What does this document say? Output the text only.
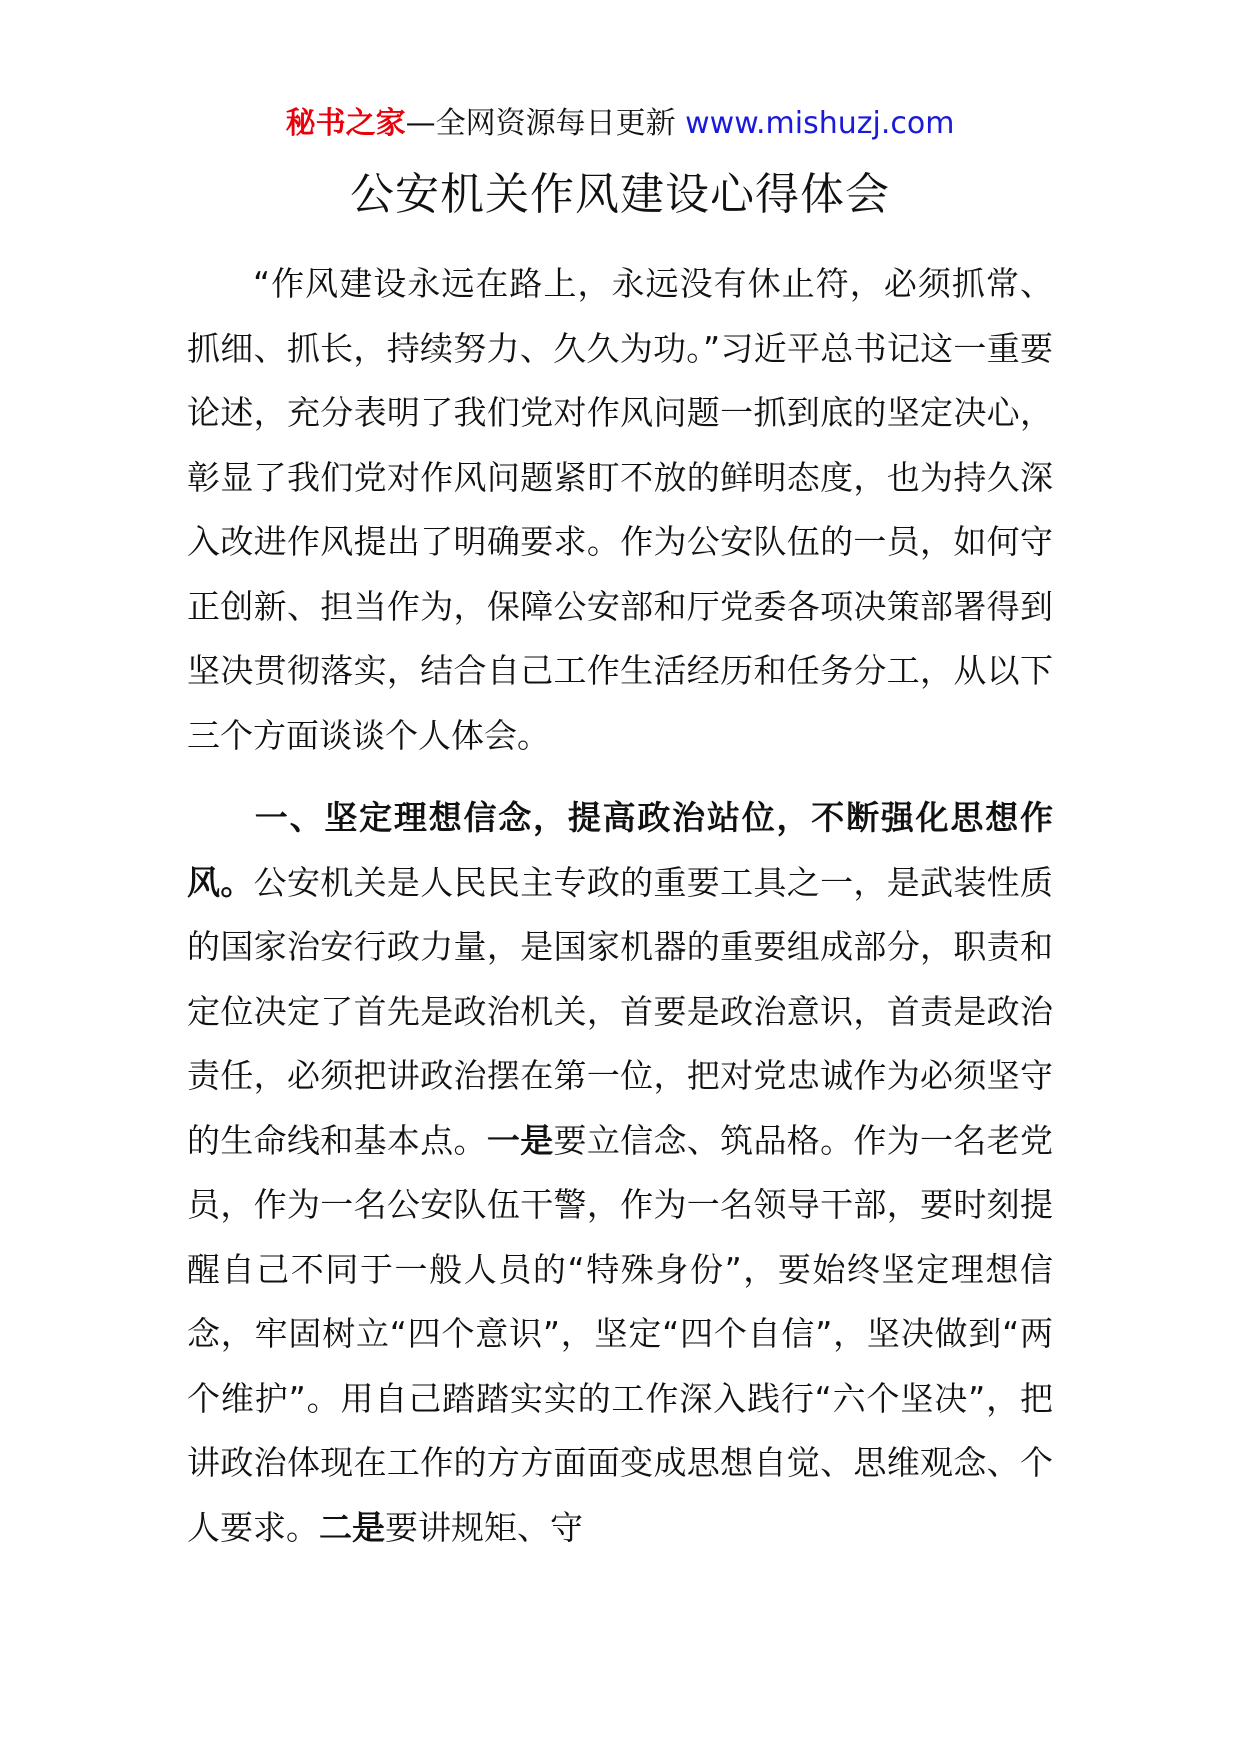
秘书之家—全网资源每日更新 www.mishuzj.com
公安机关作风建设心得体会

“作风建设永远在路上，永远没有休止符，必须抓常、抓细、抓长，持续努力、久久为功。”习近平总书记这一重要论述，充分表明了我们党对作风问题一抓到底的坚定决心，彰显了我们党对作风问题紧盯不放的鲜明态度，也为持久深入改进作风提出了明确要求。作为公安队伍的一员，如何守正创新、担当作为，保障公安部和厅党委各项决策部署得到坚决贯彻落实，结合自己工作生活经历和任务分工，从以下三个方面谈谈个人体会。

一、坚定理想信念，提高政治站位，不断强化思想作风。公安机关是人民民主专政的重要工具之一，是武装性质的国家治安行政力量，是国家机器的重要组成部分，职责和定位决定了首先是政治机关，首要是政治意识，首责是政治责任，必须把讲政治摆在第一位，把对党忠诚作为必须坚守的生命线和基本点。一是要立信念、筑品格。作为一名老党员，作为一名公安队伍干警，作为一名领导干部，要时刻提醒自己不同于一般人员的“特殊身份”，要始终坚定理想信念，牢固树立“四个意识”，坚定“四个自信”，坚决做到“两个维护”。用自己踏踏实实的工作深入践行“六个坚决”，把讲政治体现在工作的方方面面变成思想自觉、思维观念、个人要求。二是要讲规矩、守
